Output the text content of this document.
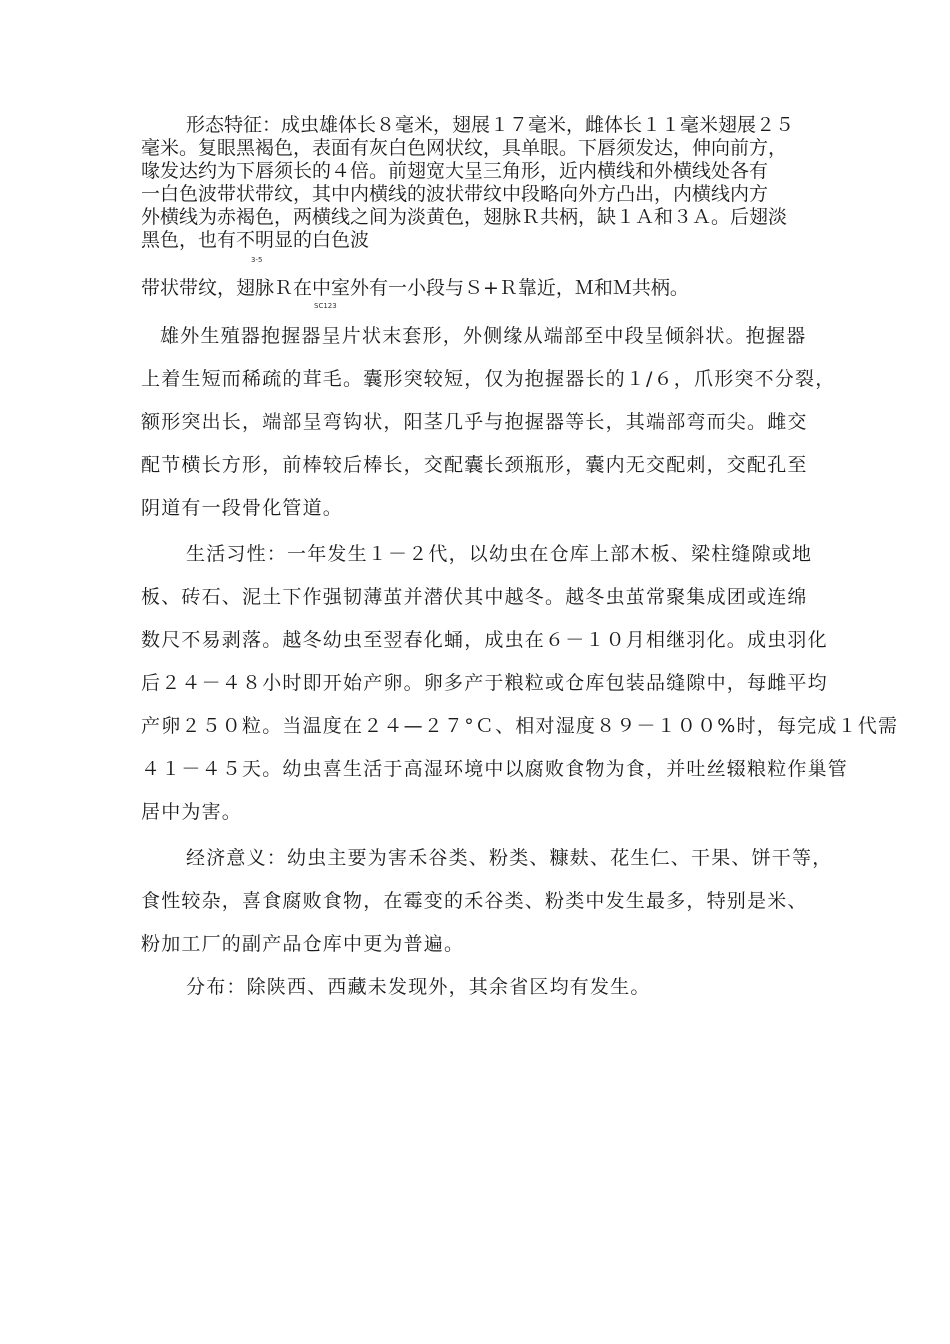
形态特征：成虫雄体长８毫米，翅展１７毫米，雌体长１１毫米翅展２５

毫米。复眼黑褐色，表面有灰白色网状纹，具单眼。下唇须发达，伸向前方，

喙发达约为下唇须长的４倍。前翅宽大呈三角形，近内横线和外横线处各有

一白色波带状带纹，其中内横线的波状带纹中段略向外方凸出，内横线内方

外横线为赤褐色，两横线之间为淡黄色，翅脉Ｒ共柄，缺１Ａ和３Ａ。后翅淡

黑色，也有不明显的白色波

3-5

带状带纹，翅脉Ｒ在中室外有一小段与Ｓ+Ｒ靠近，Ｍ和Ｍ共柄。

SC123

雄外生殖器抱握器呈片状末套形，外侧缘从端部至中段呈倾斜状。抱握器

上着生短而稀疏的茸毛。囊形突较短，仅为抱握器长的１/６，爪形突不分裂，

额形突出长，端部呈弯钩状，阳茎几乎与抱握器等长，其端部弯而尖。雌交

配节横长方形，前棒较后棒长，交配囊长颈瓶形，囊内无交配刺，交配孔至

阴道有一段骨化管道。

生活习性：一年发生１－２代，以幼虫在仓库上部木板、梁柱缝隙或地

板、砖石、泥土下作强韧薄茧并潜伏其中越冬。越冬虫茧常聚集成团或连绵

数尺不易剥落。越冬幼虫至翌春化蛹，成虫在６－１０月相继羽化。成虫羽化

后２４－４８小时即开始产卵。卵多产于粮粒或仓库包装品缝隙中，每雌平均

产卵２５０粒。当温度在２４—２７°Ｃ、相对湿度８９－１００%时，每完成１代需

４１－４５天。幼虫喜生活于高湿环境中以腐败食物为食，并吐丝辍粮粒作巢管

居中为害。

经济意义：幼虫主要为害禾谷类、粉类、糠麸、花生仁、干果、饼干等，

食性较杂，喜食腐败食物，在霉变的禾谷类、粉类中发生最多，特别是米、

粉加工厂的副产品仓库中更为普遍。

分布：除陕西、西藏未发现外，其余省区均有发生。
